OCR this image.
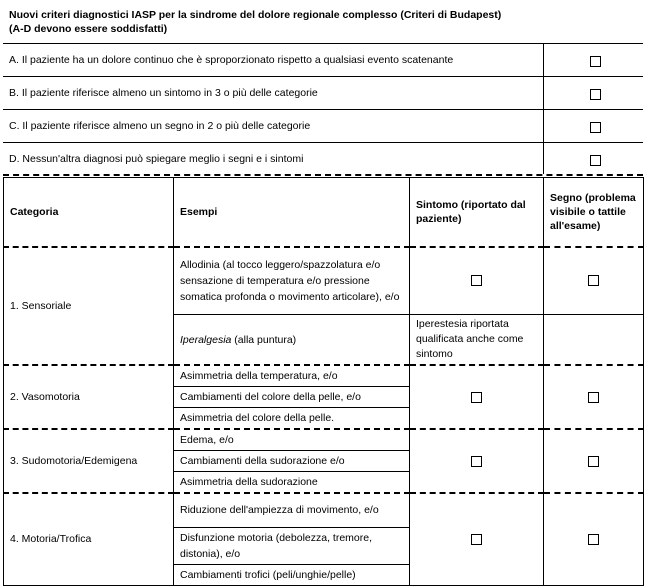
Nuovi criteri diagnostici IASP per la sindrome del dolore regionale complesso (Criteri di Budapest)
(A-D devono essere soddisfatti)
A. Il paziente ha un dolore continuo che è sproporzionato rispetto a qualsiasi evento scatenante
B. Il paziente riferisce almeno un sintomo in 3 o più delle categorie
C. Il paziente riferisce almeno un segno in 2 o più delle categorie
D. Nessun'altra diagnosi può spiegare meglio i segni e i sintomi
Categoria	Esempi	Sintomo (riportato dal paziente)	Segno (problema visibile o tattile all'esame)
1. Sensoriale	Allodinia (al tocco leggero/spazzolatura e/o sensazione di temperatura e/o pressione somatica profonda o movimento articolare), e/o		
	Iperalgesia (alla puntura)	Iperestesia riportata qualificata anche come sintomo	
2. Vasomotoria	Asimmetria della temperatura, e/o		
	Cambiamenti del colore della pelle, e/o		
	Asimmetria del colore della pelle.		
3. Sudomotoria/Edemigena	Edema, e/o		
	Cambiamenti della sudorazione e/o		
	Asimmetria della sudorazione		
4. Motoria/Trofica	Riduzione dell'ampiezza di movimento, e/o		
	Disfunzione motoria (debolezza, tremore, distonia), e/o		
	Cambiamenti trofici (peli/unghie/pelle)		
